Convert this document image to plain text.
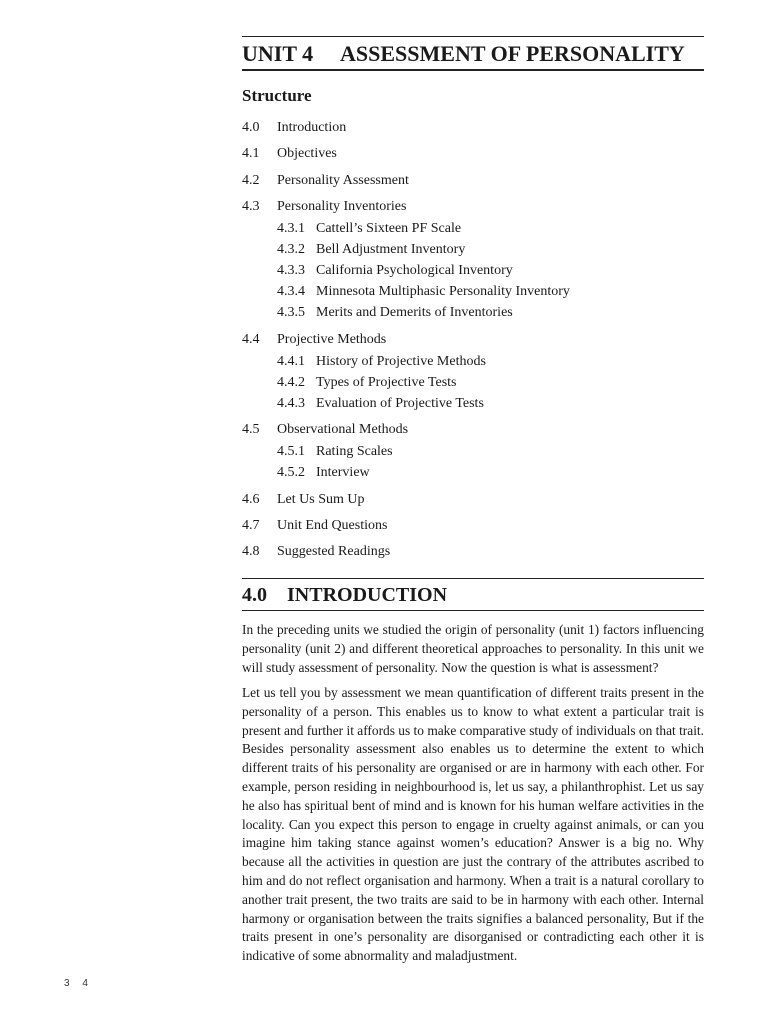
UNIT 4 ASSESSMENT OF PERSONALITY
Structure
4.0 Introduction
4.1 Objectives
4.2 Personality Assessment
4.3 Personality Inventories
4.3.1 Cattell’s Sixteen PF Scale
4.3.2 Bell Adjustment Inventory
4.3.3 California Psychological Inventory
4.3.4 Minnesota Multiphasic Personality Inventory
4.3.5 Merits and Demerits of Inventories
4.4 Projective Methods
4.4.1 History of Projective Methods
4.4.2 Types of Projective Tests
4.4.3 Evaluation of Projective Tests
4.5 Observational Methods
4.5.1 Rating Scales
4.5.2 Interview
4.6 Let Us Sum Up
4.7 Unit End Questions
4.8 Suggested Readings
4.0 INTRODUCTION

In the preceding units we studied the origin of personality (unit 1) factors influencing personality (unit 2) and different theoretical approaches to personality. In this unit we will study assessment of personality. Now the question is what is assessment?

Let us tell you by assessment we mean quantification of different traits present in the personality of a person. This enables us to know to what extent a particular trait is present and further it affords us to make comparative study of individuals on that trait. Besides personality assessment also enables us to determine the extent to which different traits of his personality are organised or are in harmony with each other. For example, person residing in neighbourhood is, let us say, a philanthrophist. Let us say he also has spiritual bent of mind and is known for his human welfare activities in the locality. Can you expect this person to engage in cruelty against animals, or can you imagine him taking stance against women’s education? Answer is a big no. Why because all the activities in question are just the contrary of the attributes ascribed to him and do not reflect organisation and harmony. When a trait is a natural corollary to another trait present, the two traits are said to be in harmony with each other. Internal harmony or organisation between the traits signifies a balanced personality, But if the traits present in one’s personality are disorganised or contradicting each other it is indicative of some abnormality and maladjustment.

3 4
